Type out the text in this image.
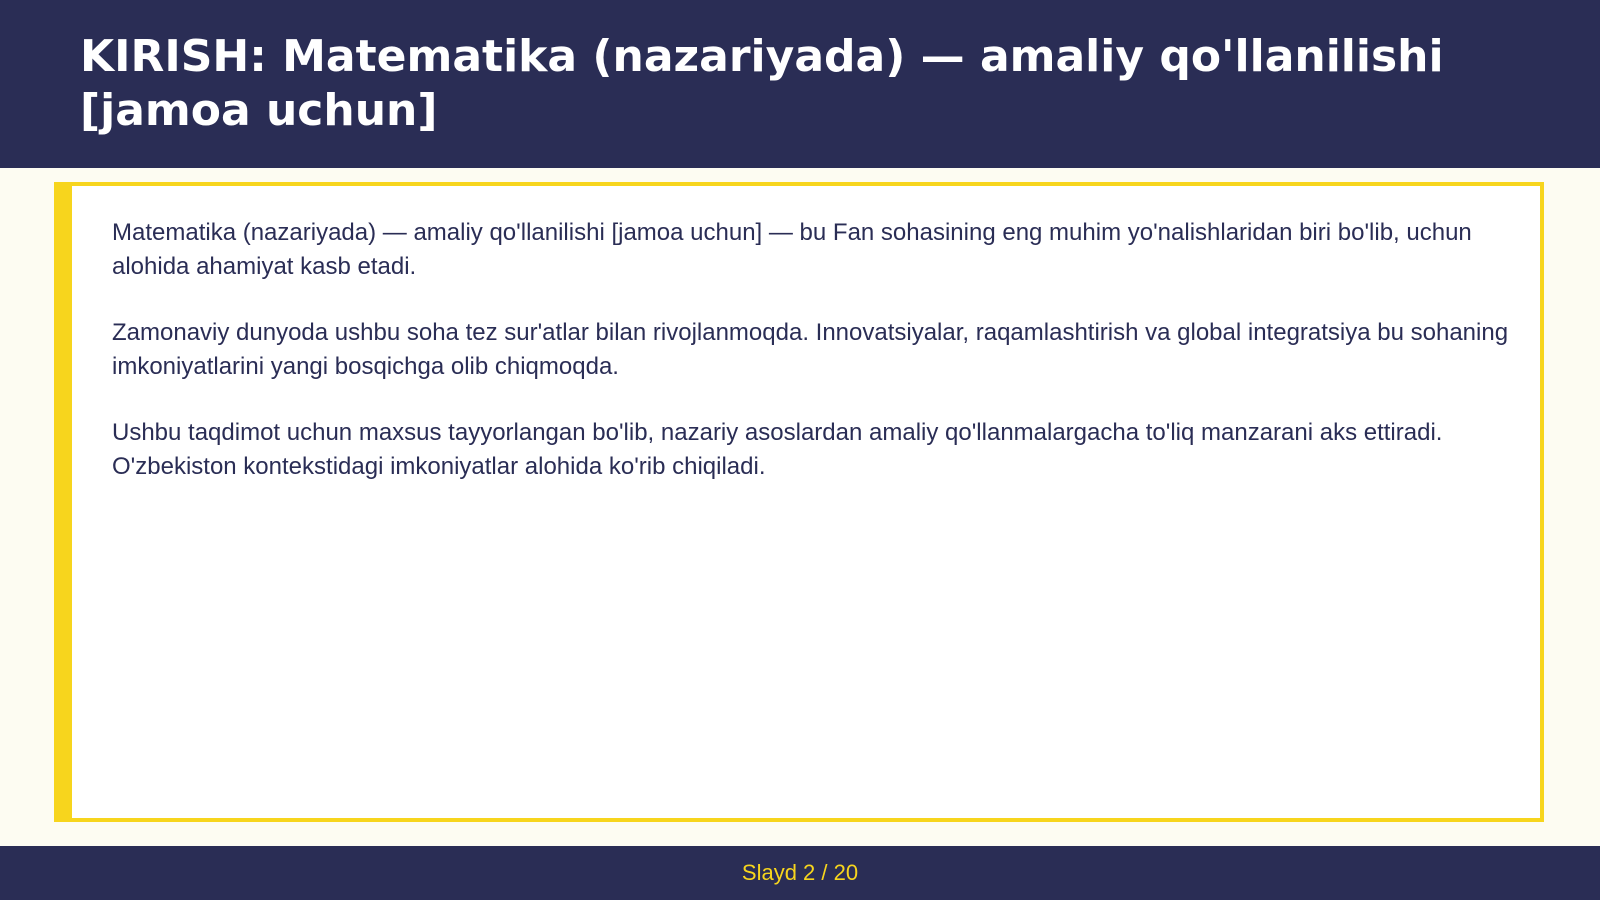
KIRISH: Matematika (nazariyada) — amaliy qo'llanilishi [jamoa uchun]

Matematika (nazariyada) — amaliy qo'llanilishi [jamoa uchun] — bu Fan sohasining eng muhim yo'nalishlaridan biri bo'lib, uchun alohida ahamiyat kasb etadi.

Zamonaviy dunyoda ushbu soha tez sur'atlar bilan rivojlanmoqda. Innovatsiyalar, raqamlashtirish va global integratsiya bu sohaning imkoniyatlarini yangi bosqichga olib chiqmoqda.

Ushbu taqdimot uchun maxsus tayyorlangan bo'lib, nazariy asoslardan amaliy qo'llanmalargacha to'liq manzarani aks ettiradi. O'zbekiston kontekstidagi imkoniyatlar alohida ko'rib chiqiladi.

Slayd 2 / 20
